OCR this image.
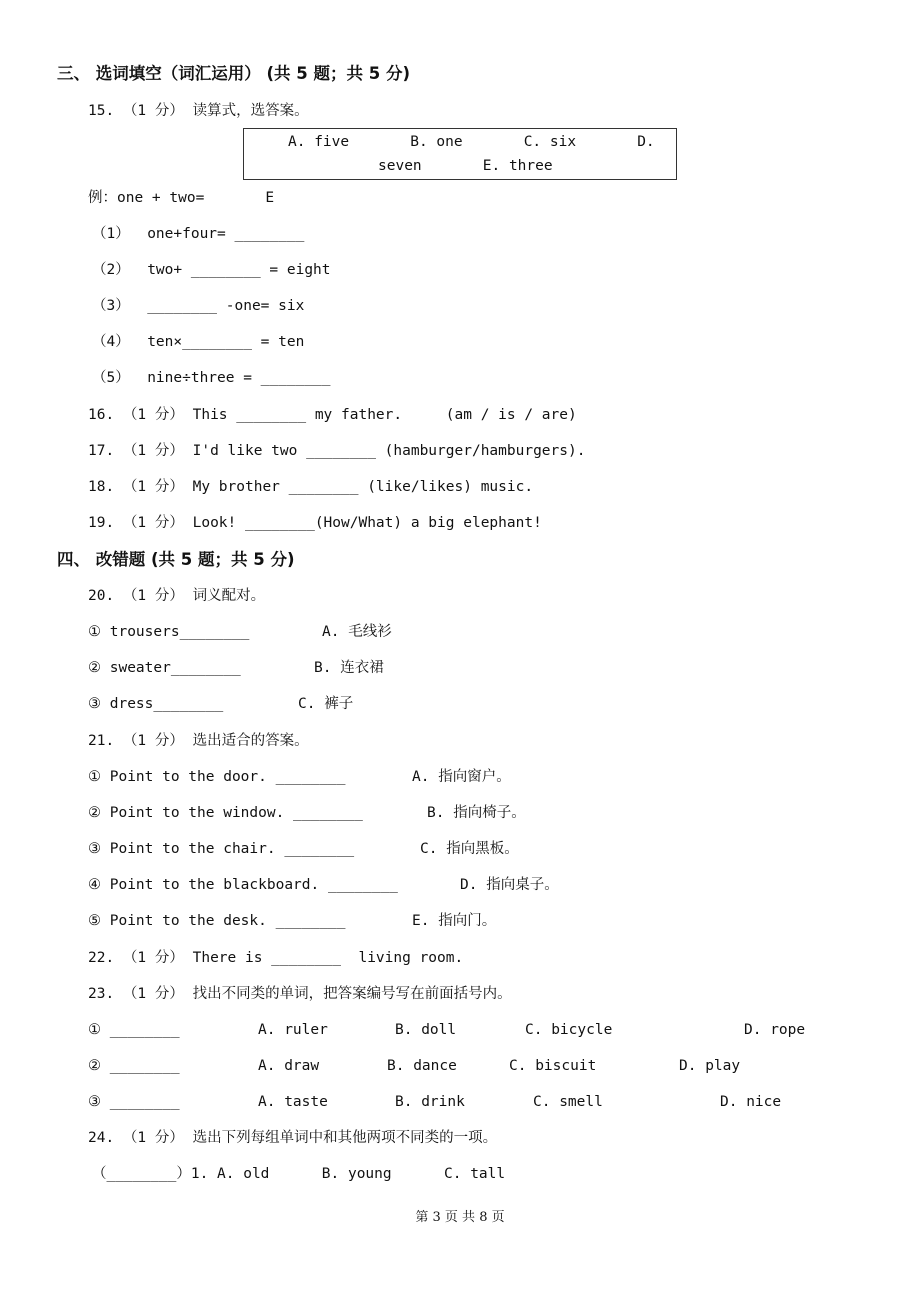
三、 选词填空（词汇运用） (共 5 题；共 5 分)
15. （1 分） 读算式，选答案。
A. five       B. one       C. six       D.
seven       E. three
例：one + two=       E
（1）  one+four= ________
（2）  two+ ________ = eight
（3）  ________ -one= six
（4）  ten×________ = ten
（5）  nine÷three = ________
16. （1 分） This ________ my father.     (am / is / are)
17. （1 分） I'd like two ________ (hamburger/hamburgers).
18. （1 分） My brother ________ (like/likes) music.
19. （1 分） Look! ________(How/What) a big elephant!
四、 改错题 (共 5 题；共 5 分)
20. （1 分） 词义配对。
① trousers________	A. 毛线衫
② sweater________	B. 连衣裙
③ dress________	C. 裤子
21. （1 分） 选出适合的答案。
① Point to the door. ________	A. 指向窗户。
② Point to the window. ________	B. 指向椅子。
③ Point to the chair. ________	C. 指向黑板。
④ Point to the blackboard. ________	D. 指向桌子。
⑤ Point to the desk. ________	E. 指向门。
22. （1 分） There is ________  living room.
23. （1 分） 找出不同类的单词，把答案编号写在前面括号内。
① ________	A. ruler	B. doll	C. bicycle	D. rope
② ________	A. draw	B. dance	C. biscuit	D. play
③ ________	A. taste	B. drink	C. smell	D. nice
24. （1 分） 选出下列每组单词中和其他两项不同类的一项。
（________）1. A. old      B. young      C. tall
第 3 页 共 8 页
